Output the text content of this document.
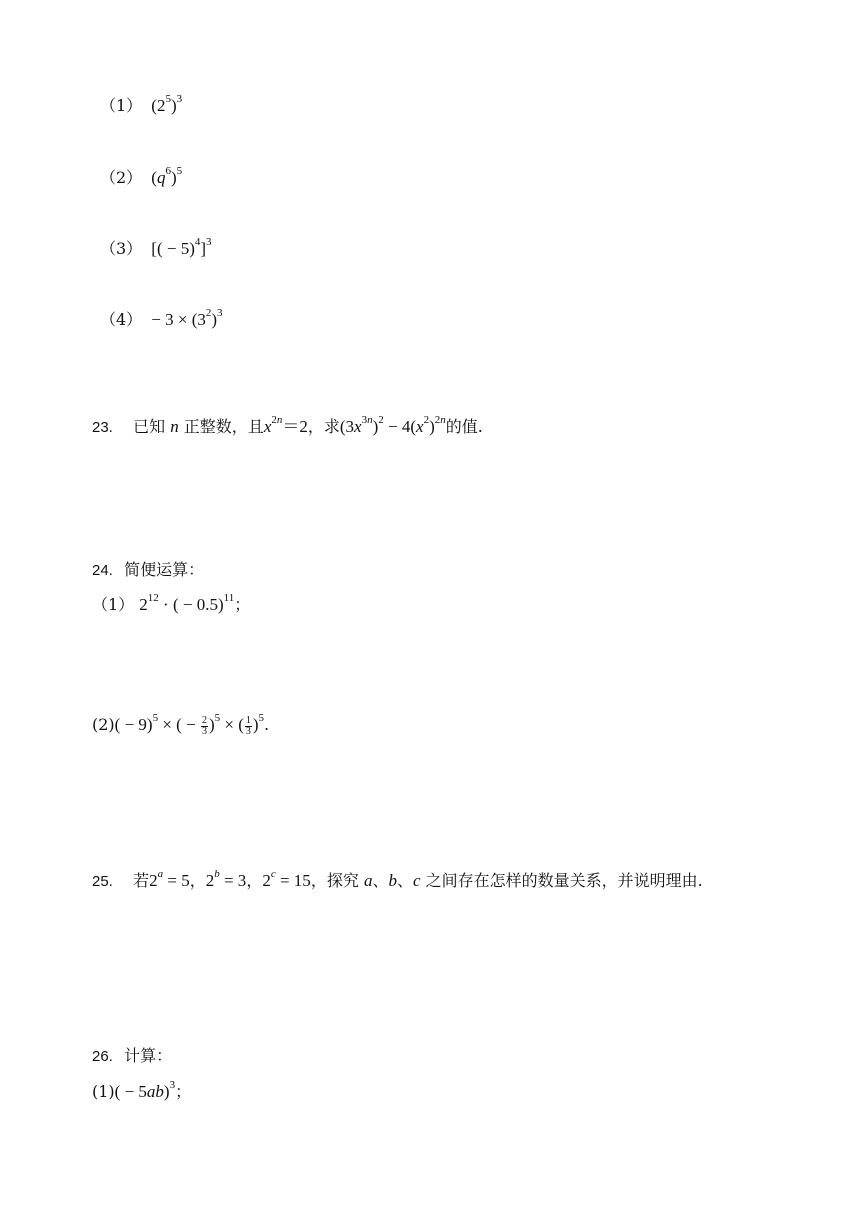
（1） $(2^5)^3$
（2） $(q^6)^5$
（3） [( − 5)$^4$]$^3$
$(4) - 3 \times (3^2)^3$
23. 已知 n 正整数，且$x^{2n}=2$，求$(3x^{3n})^2 - 4(x^2)^{2n}$的值.
24. 简便运算：
（1） $2^{12}$ · ( − 0.5)$^{11}$；
$(2)( - 9)^5$ × ( − $\frac{2}{3} )^5$ × ( $\frac{1}{3} )^5$.
25. 若$2^a = 5$，$2^b = 3$，$2^c = 15$，探究 a、b、c 之间存在怎样的数量关系，并说明理由.
26. 计算：
$(1)( - 5ab)^3$；
